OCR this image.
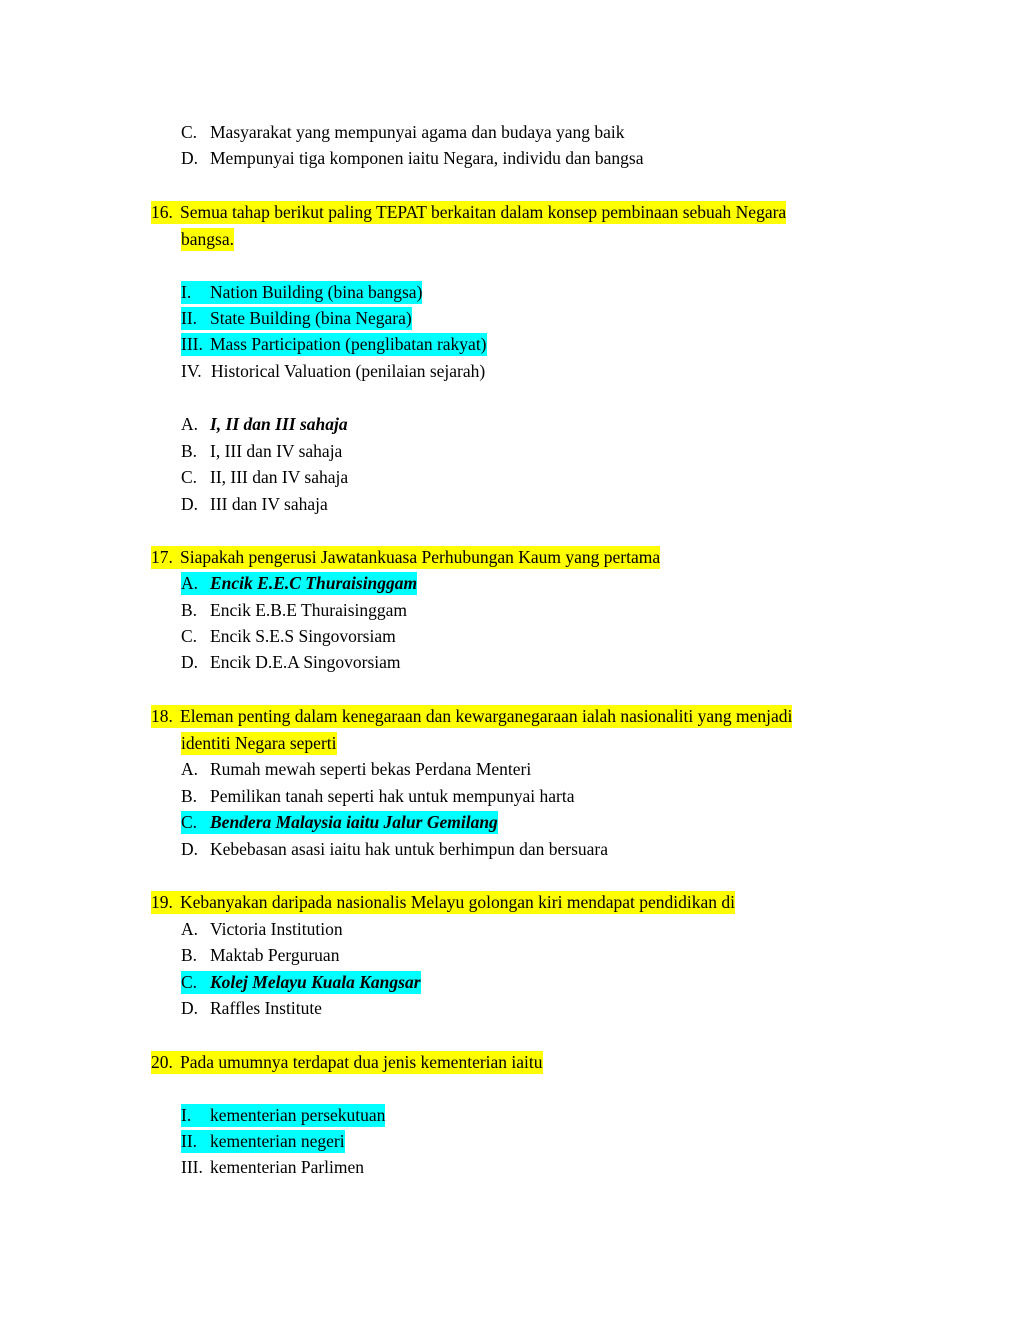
C. Masyarakat yang mempunyai agama dan budaya yang baik
D. Mempunyai tiga komponen iaitu Negara, individu dan bangsa
16. Semua tahap berikut paling TEPAT berkaitan dalam konsep pembinaan sebuah Negara
bangsa.
I. Nation Building (bina bangsa)
II. State Building (bina Negara)
III. Mass Participation (penglibatan rakyat)
IV. Historical Valuation (penilaian sejarah)
A. I, II dan III sahaja
B. I, III dan IV sahaja
C. II, III dan IV sahaja
D. III dan IV sahaja
17. Siapakah pengerusi Jawatankuasa Perhubungan Kaum yang pertama
A. Encik E.E.C Thuraisinggam
B. Encik E.B.E Thuraisinggam
C. Encik S.E.S Singovorsiam
D. Encik D.E.A Singovorsiam
18. Eleman penting dalam kenegaraan dan kewarganegaraan ialah nasionaliti yang menjadi
identiti Negara seperti
A. Rumah mewah seperti bekas Perdana Menteri
B. Pemilikan tanah seperti hak untuk mempunyai harta
C. Bendera Malaysia iaitu Jalur Gemilang
D. Kebebasan asasi iaitu hak untuk berhimpun dan bersuara
19. Kebanyakan daripada nasionalis Melayu golongan kiri mendapat pendidikan di
A. Victoria Institution
B. Maktab Perguruan
C. Kolej Melayu Kuala Kangsar
D. Raffles Institute
20. Pada umumnya terdapat dua jenis kementerian iaitu
I. kementerian persekutuan
II. kementerian negeri
III. kementerian Parlimen
